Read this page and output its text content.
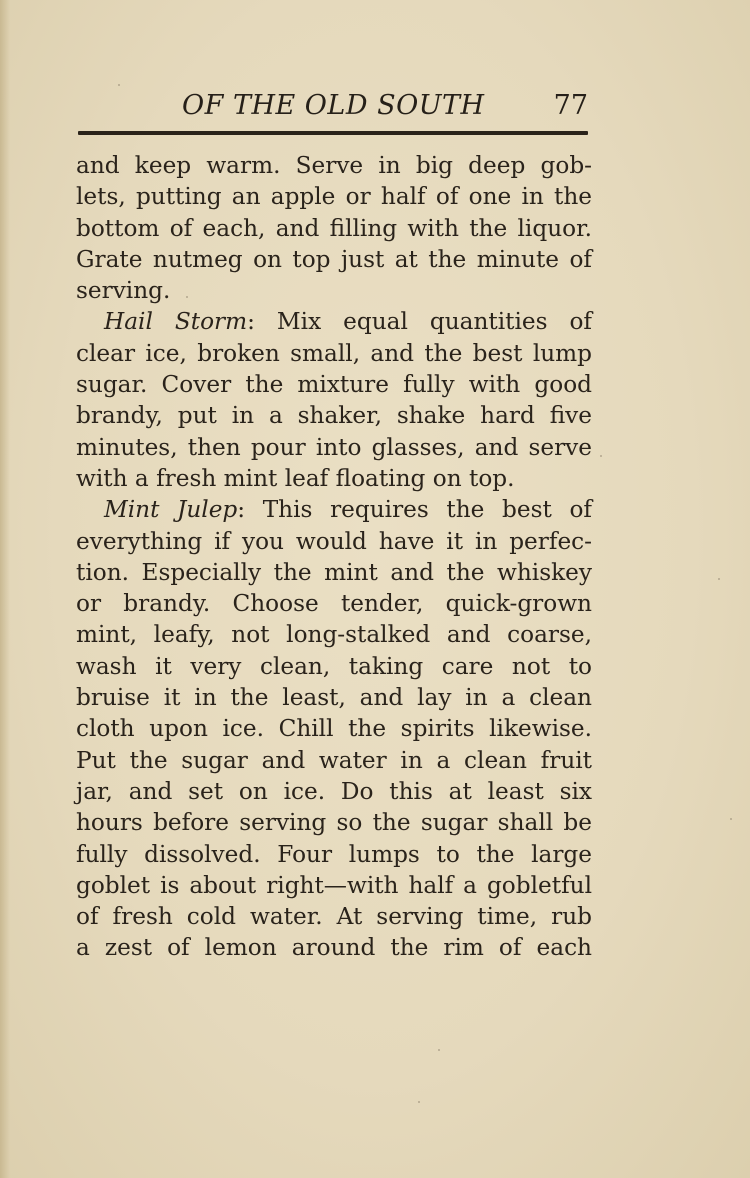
OF THE OLD SOUTH	77
and keep warm. Serve in big deep gob-
lets, putting an apple or half of one in the
bottom of each, and filling with the liquor.
Grate nutmeg on top just at the minute of
serving.
Hail Storm: Mix equal quantities of
clear ice, broken small, and the best lump
sugar. Cover the mixture fully with good
brandy, put in a shaker, shake hard five
minutes, then pour into glasses, and serve
with a fresh mint leaf floating on top.
Mint Julep: This requires the best of
everything if you would have it in perfec-
tion. Especially the mint and the whiskey
or brandy. Choose tender, quick-grown
mint, leafy, not long-stalked and coarse,
wash it very clean, taking care not to
bruise it in the least, and lay in a clean
cloth upon ice. Chill the spirits likewise.
Put the sugar and water in a clean fruit
jar, and set on ice. Do this at least six
hours before serving so the sugar shall be
fully dissolved. Four lumps to the large
goblet is about right—with half a gobletful
of fresh cold water. At serving time, rub
a zest of lemon around the rim of each
